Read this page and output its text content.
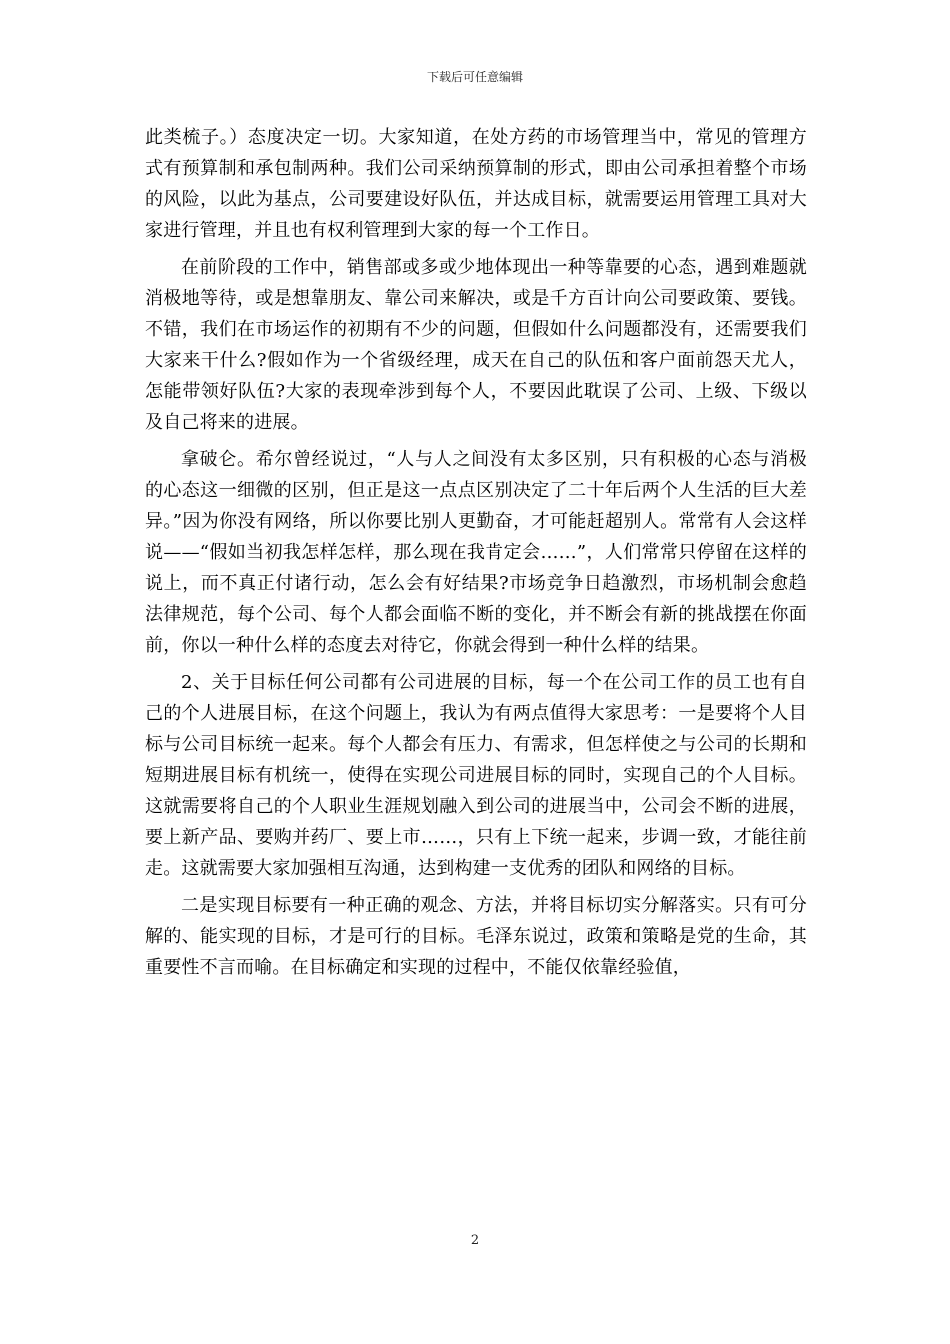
下载后可任意编辑

此类梳子。）态度决定一切。大家知道，在处方药的市场管理当中，常见的管理方式有预算制和承包制两种。我们公司采纳预算制的形式，即由公司承担着整个市场的风险，以此为基点，公司要建设好队伍，并达成目标，就需要运用管理工具对大家进行管理，并且也有权利管理到大家的每一个工作日。

在前阶段的工作中，销售部或多或少地体现出一种等靠要的心态，遇到难题就消极地等待，或是想靠朋友、靠公司来解决，或是千方百计向公司要政策、要钱。不错，我们在市场运作的初期有不少的问题，但假如什么问题都没有，还需要我们大家来干什么?假如作为一个省级经理，成天在自己的队伍和客户面前怨天尤人，怎能带领好队伍?大家的表现牵涉到每个人，不要因此耽误了公司、上级、下级以及自己将来的进展。

拿破仑。希尔曾经说过，“人与人之间没有太多区别，只有积极的心态与消极的心态这一细微的区别，但正是这一点点区别决定了二十年后两个人生活的巨大差异。”因为你没有网络，所以你要比别人更勤奋，才可能赶超别人。常常有人会这样说——“假如当初我怎样怎样，那么现在我肯定会……”，人们常常只停留在这样的说上，而不真正付诸行动，怎么会有好结果?市场竞争日趋激烈，市场机制会愈趋法律规范，每个公司、每个人都会面临不断的变化，并不断会有新的挑战摆在你面前，你以一种什么样的态度去对待它，你就会得到一种什么样的结果。

2、关于目标任何公司都有公司进展的目标，每一个在公司工作的员工也有自己的个人进展目标，在这个问题上，我认为有两点值得大家思考：一是要将个人目标与公司目标统一起来。每个人都会有压力、有需求，但怎样使之与公司的长期和短期进展目标有机统一，使得在实现公司进展目标的同时，实现自己的个人目标。这就需要将自己的个人职业生涯规划融入到公司的进展当中，公司会不断的进展，要上新产品、要购并药厂、要上市……，只有上下统一起来，步调一致，才能往前走。这就需要大家加强相互沟通，达到构建一支优秀的团队和网络的目标。

二是实现目标要有一种正确的观念、方法，并将目标切实分解落实。只有可分解的、能实现的目标，才是可行的目标。毛泽东说过，政策和策略是党的生命，其重要性不言而喻。在目标确定和实现的过程中，不能仅依靠经验值，

2
